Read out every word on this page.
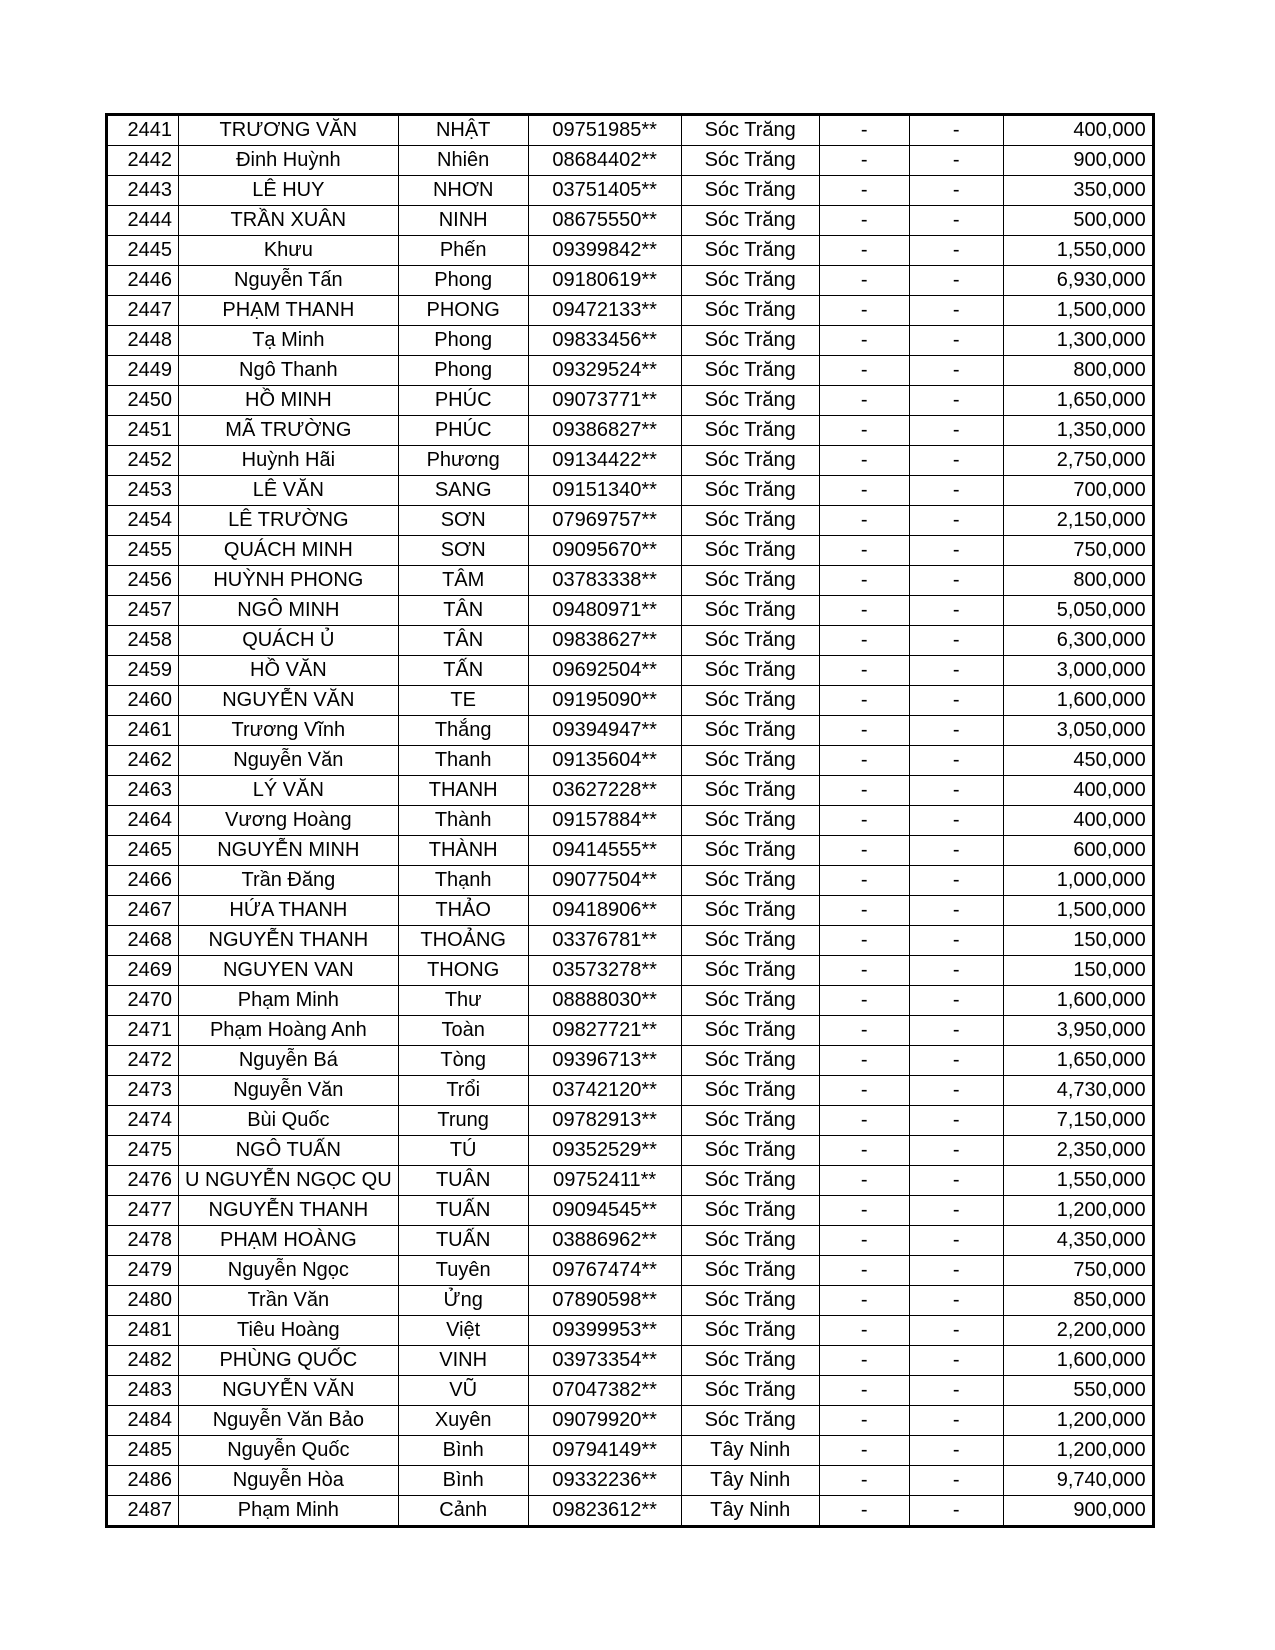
2441	TRƯƠNG VĂN	NHẬT	09751985**	Sóc Trăng	-	-	400,000
2442	Đinh Huỳnh	Nhiên	08684402**	Sóc Trăng	-	-	900,000
2443	LÊ HUY	NHƠN	03751405**	Sóc Trăng	-	-	350,000
2444	TRẦN XUÂN	NINH	08675550**	Sóc Trăng	-	-	500,000
2445	Khưu	Phến	09399842**	Sóc Trăng	-	-	1,550,000
2446	Nguyễn Tấn	Phong	09180619**	Sóc Trăng	-	-	6,930,000
2447	PHẠM THANH	PHONG	09472133**	Sóc Trăng	-	-	1,500,000
2448	Tạ Minh	Phong	09833456**	Sóc Trăng	-	-	1,300,000
2449	Ngô Thanh	Phong	09329524**	Sóc Trăng	-	-	800,000
2450	HỒ MINH	PHÚC	09073771**	Sóc Trăng	-	-	1,650,000
2451	MÃ TRƯỜNG	PHÚC	09386827**	Sóc Trăng	-	-	1,350,000
2452	Huỳnh Hãi	Phương	09134422**	Sóc Trăng	-	-	2,750,000
2453	LÊ VĂN	SANG	09151340**	Sóc Trăng	-	-	700,000
2454	LÊ TRƯỜNG	SƠN	07969757**	Sóc Trăng	-	-	2,150,000
2455	QUÁCH MINH	SƠN	09095670**	Sóc Trăng	-	-	750,000
2456	HUỲNH PHONG	TÂM	03783338**	Sóc Trăng	-	-	800,000
2457	NGÔ MINH	TÂN	09480971**	Sóc Trăng	-	-	5,050,000
2458	QUÁCH Ủ	TÂN	09838627**	Sóc Trăng	-	-	6,300,000
2459	HỒ VĂN	TẤN	09692504**	Sóc Trăng	-	-	3,000,000
2460	NGUYỄN VĂN	TE	09195090**	Sóc Trăng	-	-	1,600,000
2461	Trương Vĩnh	Thắng	09394947**	Sóc Trăng	-	-	3,050,000
2462	Nguyễn Văn	Thanh	09135604**	Sóc Trăng	-	-	450,000
2463	LÝ VĂN	THANH	03627228**	Sóc Trăng	-	-	400,000
2464	Vương Hoàng	Thành	09157884**	Sóc Trăng	-	-	400,000
2465	NGUYỄN MINH	THÀNH	09414555**	Sóc Trăng	-	-	600,000
2466	Trần Đăng	Thạnh	09077504**	Sóc Trăng	-	-	1,000,000
2467	HỨA THANH	THẢO	09418906**	Sóc Trăng	-	-	1,500,000
2468	NGUYỄN THANH	THOẢNG	03376781**	Sóc Trăng	-	-	150,000
2469	NGUYEN VAN	THONG	03573278**	Sóc Trăng	-	-	150,000
2470	Phạm Minh	Thư	08888030**	Sóc Trăng	-	-	1,600,000
2471	Phạm Hoàng Anh	Toàn	09827721**	Sóc Trăng	-	-	3,950,000
2472	Nguyễn Bá	Tòng	09396713**	Sóc Trăng	-	-	1,650,000
2473	Nguyễn Văn	Trổi	03742120**	Sóc Trăng	-	-	4,730,000
2474	Bùi Quốc	Trung	09782913**	Sóc Trăng	-	-	7,150,000
2475	NGÔ TUẤN	TÚ	09352529**	Sóc Trăng	-	-	2,350,000
2476	U NGUYỄN NGỌC QU	TUÂN	09752411**	Sóc Trăng	-	-	1,550,000
2477	NGUYỄN THANH	TUẤN	09094545**	Sóc Trăng	-	-	1,200,000
2478	PHẠM HOÀNG	TUẤN	03886962**	Sóc Trăng	-	-	4,350,000
2479	Nguyễn Ngọc	Tuyên	09767474**	Sóc Trăng	-	-	750,000
2480	Trần Văn	Ửng	07890598**	Sóc Trăng	-	-	850,000
2481	Tiêu Hoàng	Việt	09399953**	Sóc Trăng	-	-	2,200,000
2482	PHÙNG QUỐC	VINH	03973354**	Sóc Trăng	-	-	1,600,000
2483	NGUYỄN VĂN	VŨ	07047382**	Sóc Trăng	-	-	550,000
2484	Nguyễn Văn Bảo	Xuyên	09079920**	Sóc Trăng	-	-	1,200,000
2485	Nguyễn Quốc	Bình	09794149**	Tây Ninh	-	-	1,200,000
2486	Nguyễn Hòa	Bình	09332236**	Tây Ninh	-	-	9,740,000
2487	Phạm Minh	Cảnh	09823612**	Tây Ninh	-	-	900,000
